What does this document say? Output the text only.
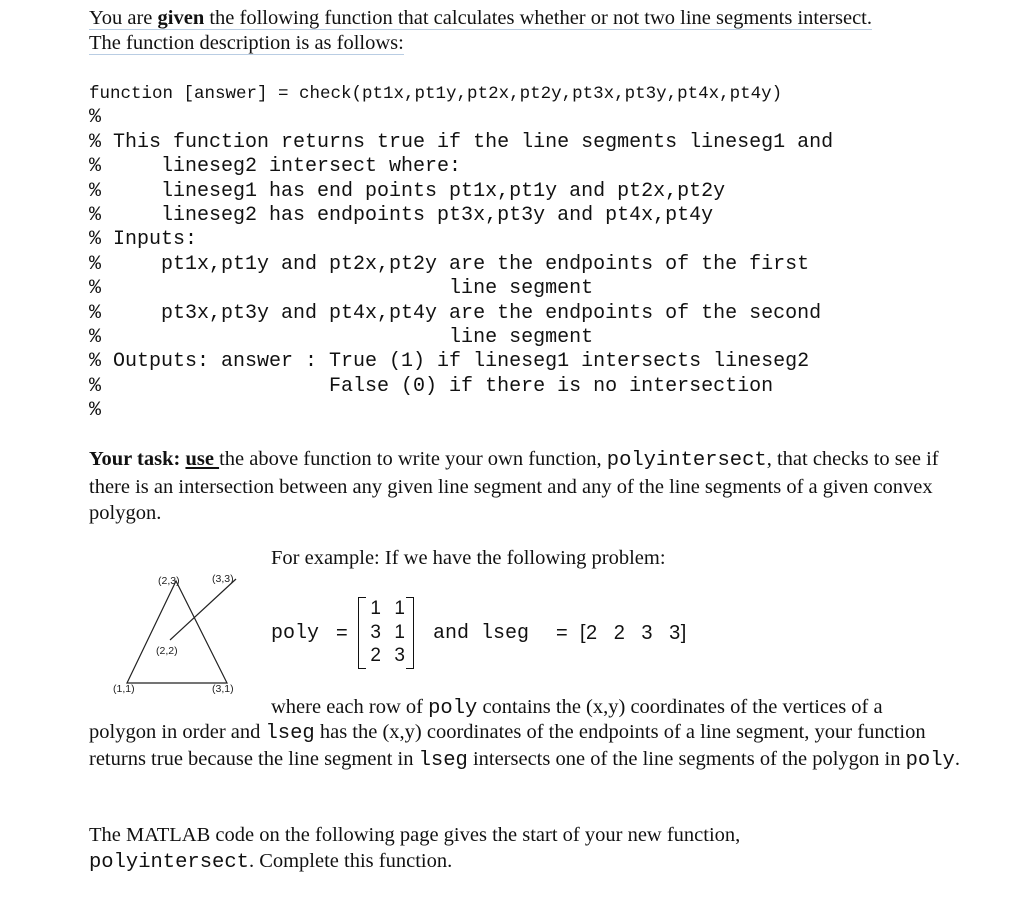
You are given the following function that calculates whether or not two line segments intersect.
The function description is as follows:
function [answer] = check(pt1x,pt1y,pt2x,pt2y,pt3x,pt3y,pt4x,pt4y)
%
% This function returns true if the line segments lineseg1 and
%     lineseg2 intersect where:
%     lineseg1 has end points pt1x,pt1y and pt2x,pt2y
%     lineseg2 has endpoints pt3x,pt3y and pt4x,pt4y
% Inputs:
%     pt1x,pt1y and pt2x,pt2y are the endpoints of the first
%                             line segment
%     pt3x,pt3y and pt4x,pt4y are the endpoints of the second
%                             line segment
% Outputs: answer : True (1) if lineseg1 intersects lineseg2
%                   False (0) if there is no intersection
%
Your task: use the above function to write your own function, polyintersect, that checks to see if there is an intersection between any given line segment and any of the line segments of a given convex polygon.
(2,3)	(3,3)
(2,2)
(1,1)	(3,1)
For example: If we have the following problem:
poly =
1	1
3	1
2	3
and lseg = [2 2 3 3]
where each row of poly contains the (x,y) coordinates of the vertices of a
polygon in order and lseg has the (x,y) coordinates of the endpoints of a line segment, your function returns true because the line segment in lseg intersects one of the line segments of the polygon in poly.
The MATLAB code on the following page gives the start of your new function,
polyintersect. Complete this function.
